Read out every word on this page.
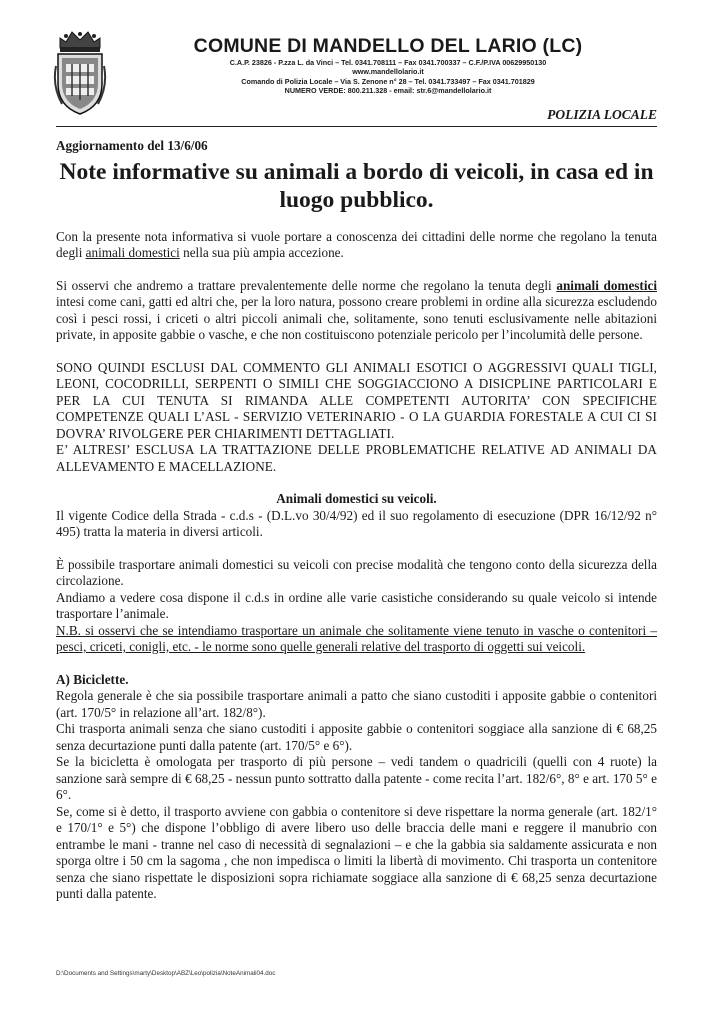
COMUNE DI MANDELLO DEL LARIO (LC)
C.A.P. 23826 - P.zza L. da Vinci – Tel. 0341.708111 – Fax 0341.700337 – C.F./P.IVA 00629950130
www.mandellolario.it
Comando di Polizia Locale – Via S. Zenone n° 28 – Tel. 0341.733497 – Fax 0341.701829
NUMERO VERDE: 800.211.328 - email: str.6@mandellolario.it
POLIZIA LOCALE

Aggiornamento del 13/6/06

Note informative su animali a bordo di veicoli, in casa ed in luogo pubblico.

Con la presente nota informativa si vuole portare a conoscenza dei cittadini delle norme che regolano la tenuta degli animali domestici nella sua più ampia accezione.

Si osservi che andremo a trattare prevalentemente delle norme che regolano la tenuta degli animali domestici intesi come cani, gatti ed altri che, per la loro natura, possono creare problemi in ordine alla sicurezza escludendo così i pesci rossi, i criceti o altri piccoli animali che, solitamente, sono tenuti esclusivamente nelle abitazioni private, in apposite gabbie o vasche, e che non costituiscono potenziale pericolo per l’incolumità delle persone.

SONO QUINDI ESCLUSI DAL COMMENTO GLI ANIMALI ESOTICI O AGGRESSIVI QUALI TIGLI, LEONI, COCODRILLI, SERPENTI O SIMILI CHE SOGGIACCIONO A DISICPLINE PARTICOLARI E PER LA CUI TENUTA SI RIMANDA ALLE COMPETENTI AUTORITA’ CON SPECIFICHE COMPETENZE QUALI L’ASL - SERVIZIO VETERINARIO - O LA GUARDIA FORESTALE A CUI CI SI DOVRA’ RIVOLGERE PER CHIARIMENTI DETTAGLIATI.

E’ ALTRESI’ ESCLUSA LA TRATTAZIONE DELLE PROBLEMATICHE RELATIVE AD ANIMALI DA ALLEVAMENTO E MACELLAZIONE.

Animali domestici su veicoli.

Il vigente Codice della Strada - c.d.s - (D.L.vo 30/4/92) ed il suo regolamento di esecuzione (DPR 16/12/92 n° 495) tratta la materia in diversi articoli.

È possibile trasportare animali domestici su veicoli con precise modalità che tengono conto della sicurezza della circolazione.

Andiamo a vedere cosa dispone il c.d.s in ordine alle varie casistiche considerando su quale veicolo si intende trasportare l’animale.

N.B. si osservi che se intendiamo trasportare un animale che solitamente viene tenuto in vasche o contenitori –pesci, criceti, conigli, etc. - le norme sono quelle generali relative del trasporto di oggetti sui veicoli.

A) Biciclette.

Regola generale è che sia possibile trasportare animali a patto che siano custoditi i apposite gabbie o contenitori (art. 170/5° in relazione all’art. 182/8°).

Chi trasporta animali senza che siano custoditi i apposite gabbie o contenitori soggiace alla sanzione di € 68,25 senza decurtazione punti dalla patente (art. 170/5° e 6°).

Se la bicicletta è omologata per trasporto di più persone – vedi tandem o quadricili (quelli con 4 ruote) la sanzione sarà sempre di € 68,25 - nessun punto sottratto dalla patente - come recita l’art. 182/6°, 8° e art. 170 5° e 6°.

Se, come si è detto, il trasporto avviene con gabbia o contenitore si deve rispettare la norma generale (art. 182/1° e 170/1° e 5°) che dispone l’obbligo di avere libero uso delle braccia delle mani e reggere il manubrio con entrambe le mani - tranne nel caso di necessità di segnalazioni – e che la gabbia sia saldamente assicurata e non sporga oltre i 50 cm la sagoma , che non impedisca o limiti la libertà di movimento. Chi trasporta un contenitore senza che siano rispettate le disposizioni sopra richiamate soggiace alla sanzione di € 68,25 senza decurtazione punti dalla patente.

D:\Documents and Settings\marty\Desktop\ABZ\Leo\polizia\NoteAnimali04.doc
